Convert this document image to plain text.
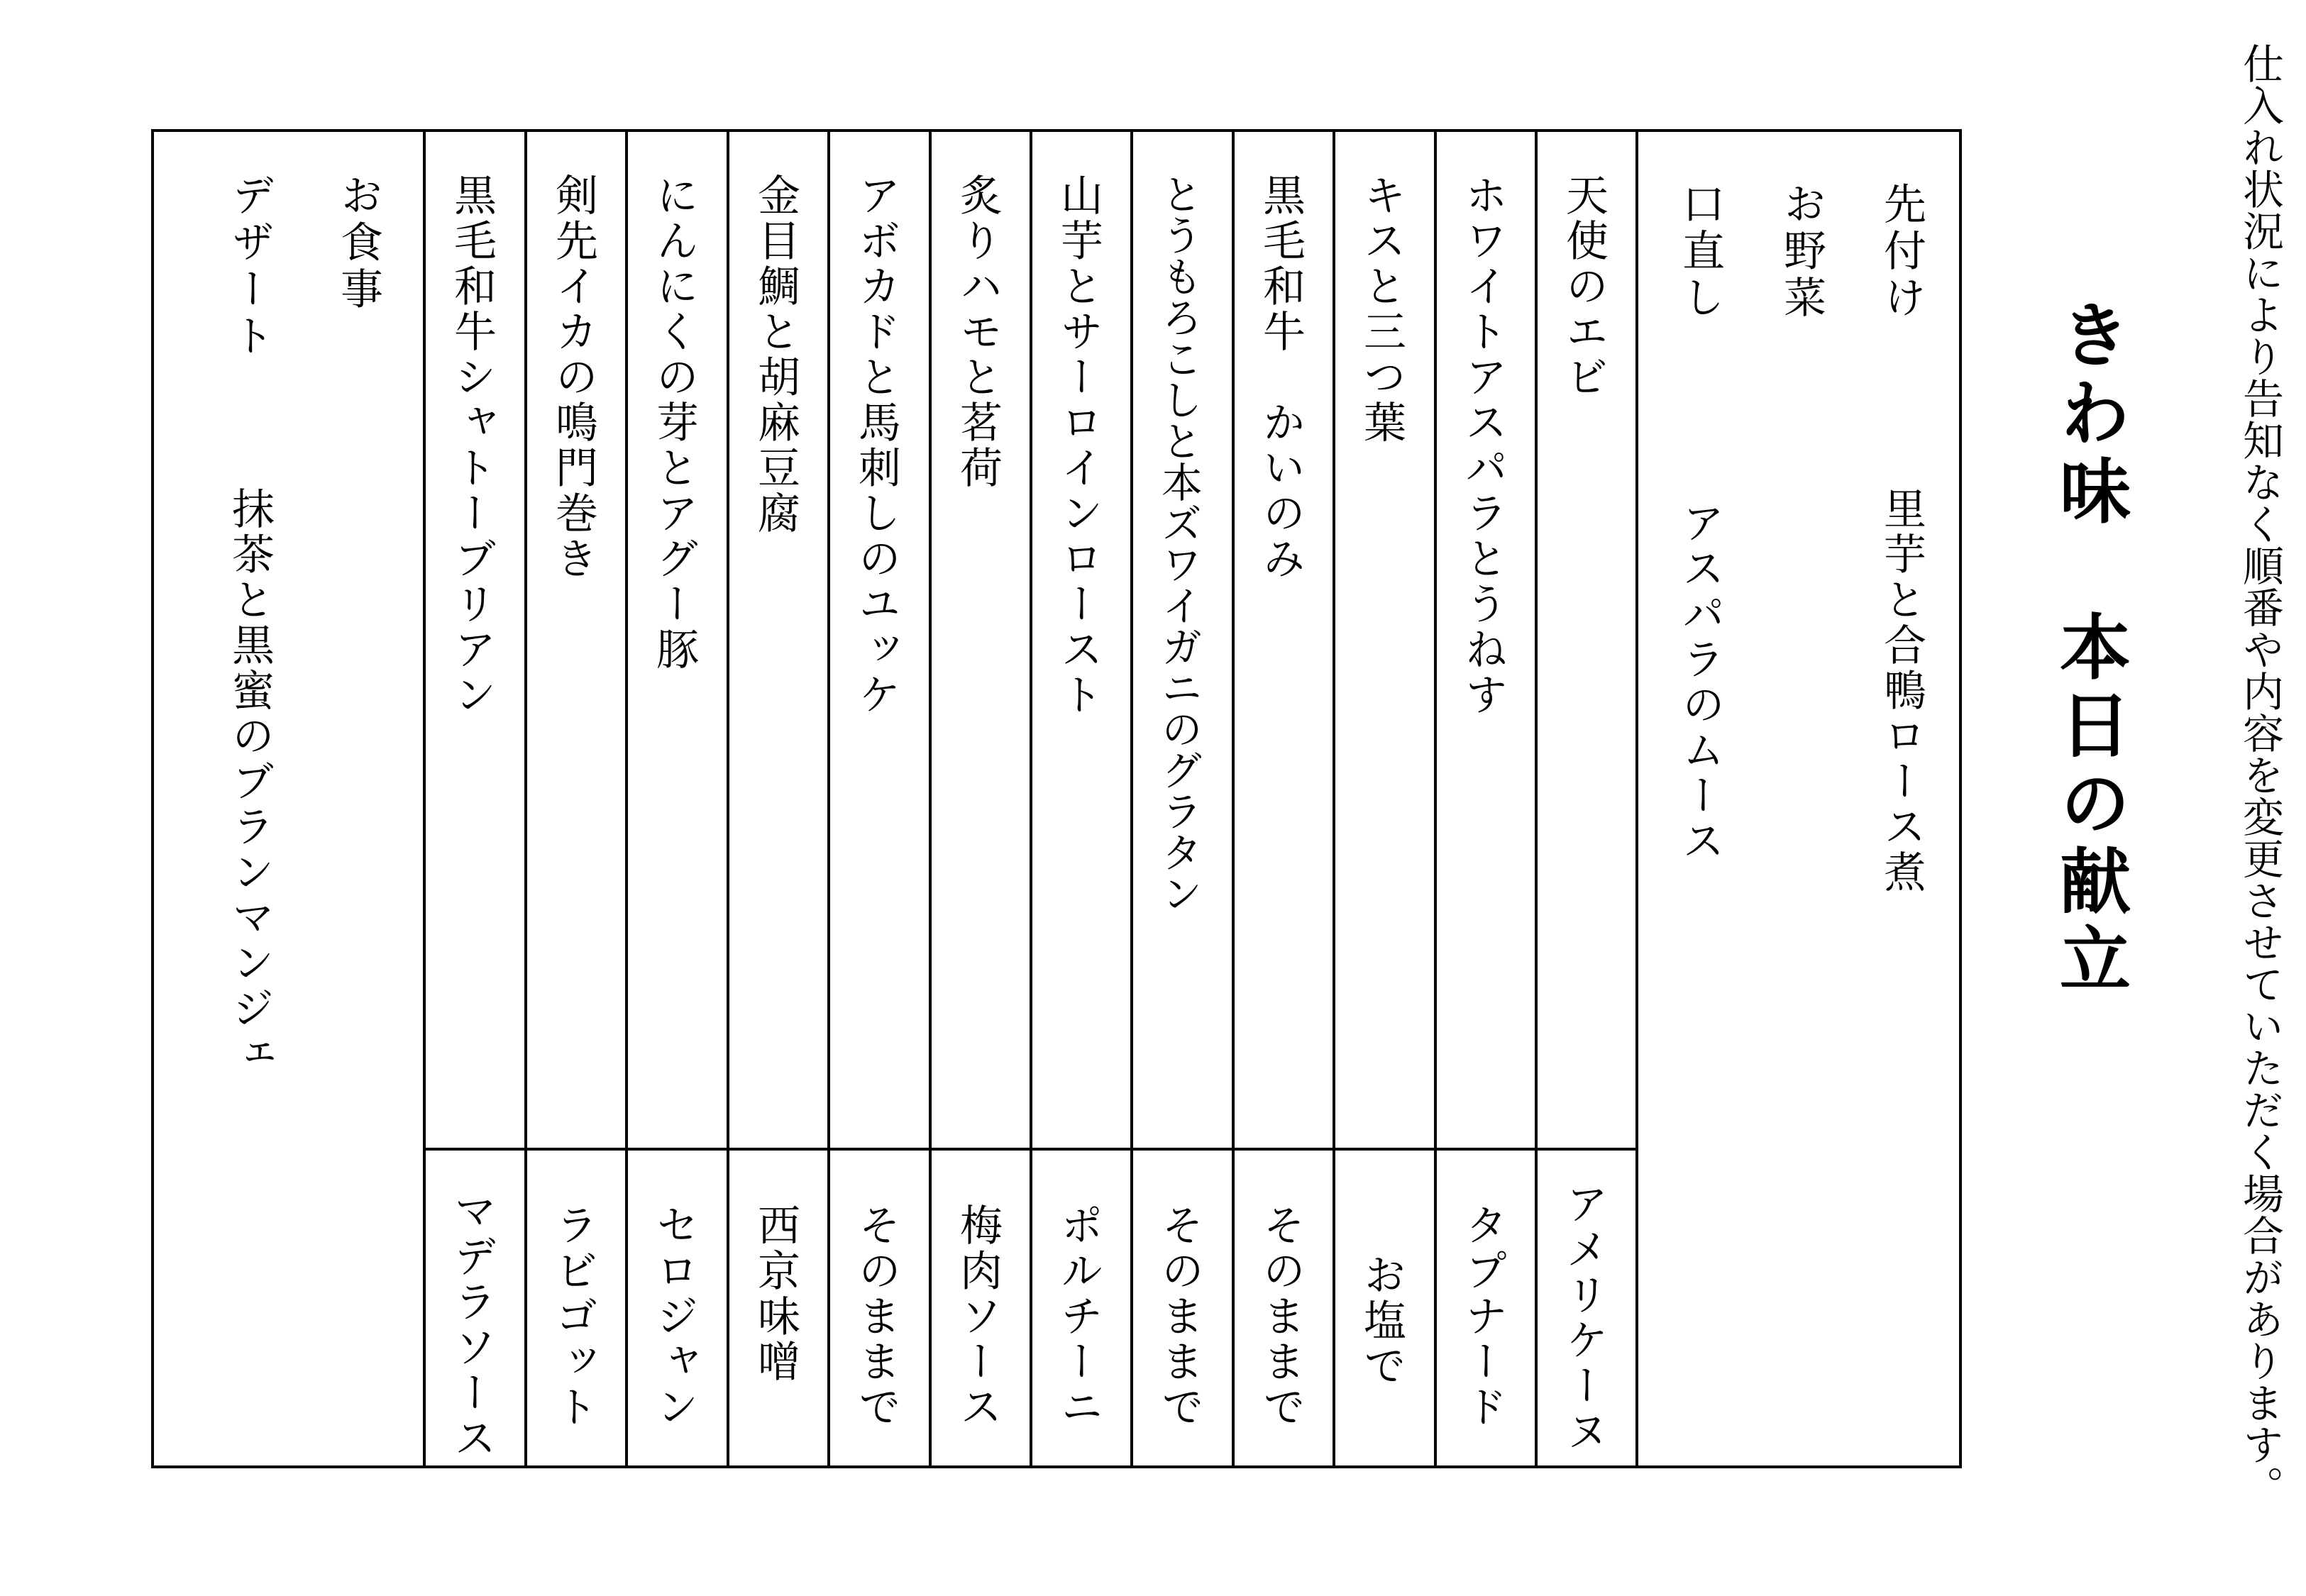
仕入れ状況により告知なく順番や内容を変更させていただく場合があります。
きわ味　本日の献立
先付け
里芋と合鴨ロース煮
お野菜
口直し
アスパラのムース
天使のエビ
ホワイトアスパラとうねす
キスと三つ葉
黒毛和牛　かいのみ
とうもろこしと本ズワイガニのグラタン
山芋とサーロインロースト
炙りハモと茗荷
アボカドと馬刺しのユッケ
金目鯛と胡麻豆腐
にんにくの芽とアグー豚
剣先イカの鳴門巻き
黒毛和牛シャトーブリアン
アメリケーヌ
タプナード
お塩で
そのままで
そのままで
ポルチーニ
梅肉ソース
そのままで
西京味噌
セロジャン
ラビゴット
マデラソース
お食事
デザート
抹茶と黒蜜のブランマンジェ
